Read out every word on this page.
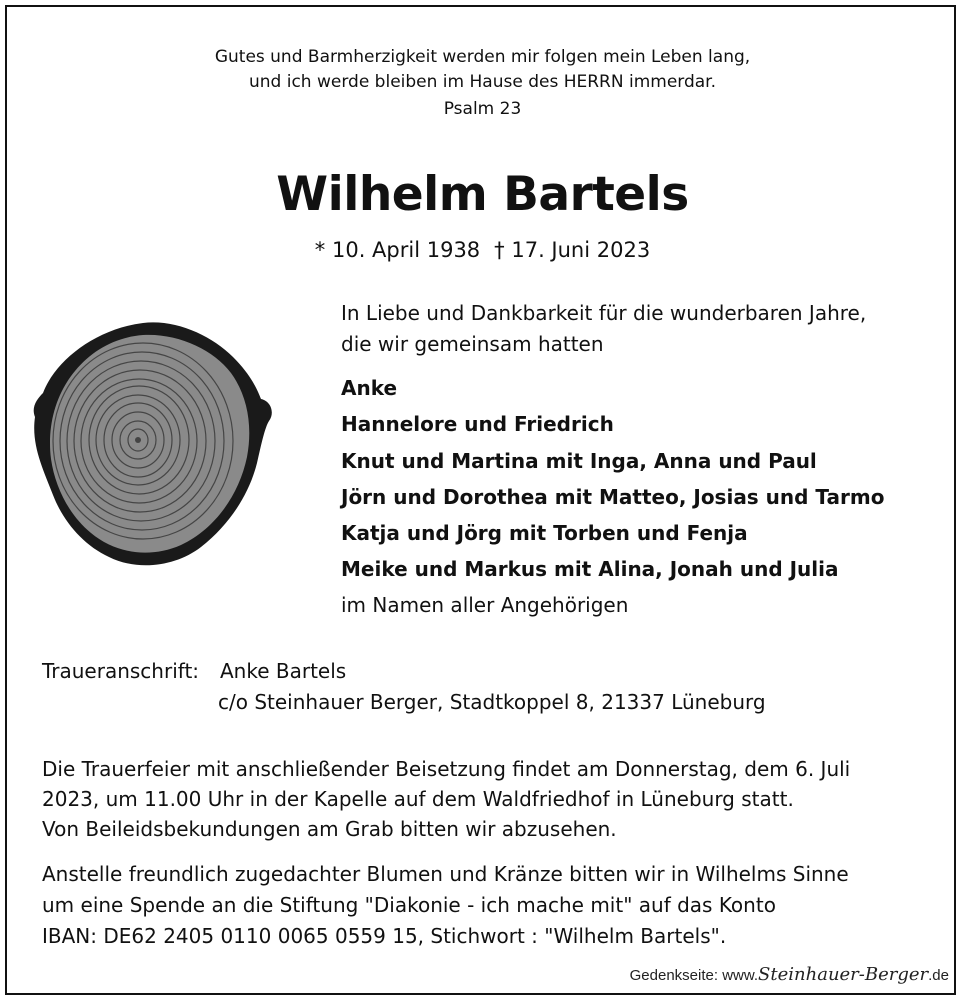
Gutes und Barmherzigkeit werden mir folgen mein Leben lang,
und ich werde bleiben im Hause des HERRN immerdar.
Psalm 23
Wilhelm Bartels
* 10. April 1938 † 17. Juni 2023
In Liebe und Dankbarkeit für die wunderbaren Jahre,
die wir gemeinsam hatten
Anke
Hannelore und Friedrich
Knut und Martina mit Inga, Anna und Paul
Jörn und Dorothea mit Matteo, Josias und Tarmo
Katja und Jörg mit Torben und Fenja
Meike und Markus mit Alina, Jonah und Julia
im Namen aller Angehörigen
Traueranschrift: Anke Bartels
c/o Steinhauer Berger, Stadtkoppel 8, 21337 Lüneburg
Die Trauerfeier mit anschließender Beisetzung findet am Donnerstag, dem 6. Juli
2023, um 11.00 Uhr in der Kapelle auf dem Waldfriedhof in Lüneburg statt.
Von Beileidsbekundungen am Grab bitten wir abzusehen.
Anstelle freundlich zugedachter Blumen und Kränze bitten wir in Wilhelms Sinne
um eine Spende an die Stiftung "Diakonie - ich mache mit" auf das Konto
IBAN: DE62 2405 0110 0065 0559 15, Stichwort : "Wilhelm Bartels".
Gedenkseite: www.Steinhauer-Berger.de
